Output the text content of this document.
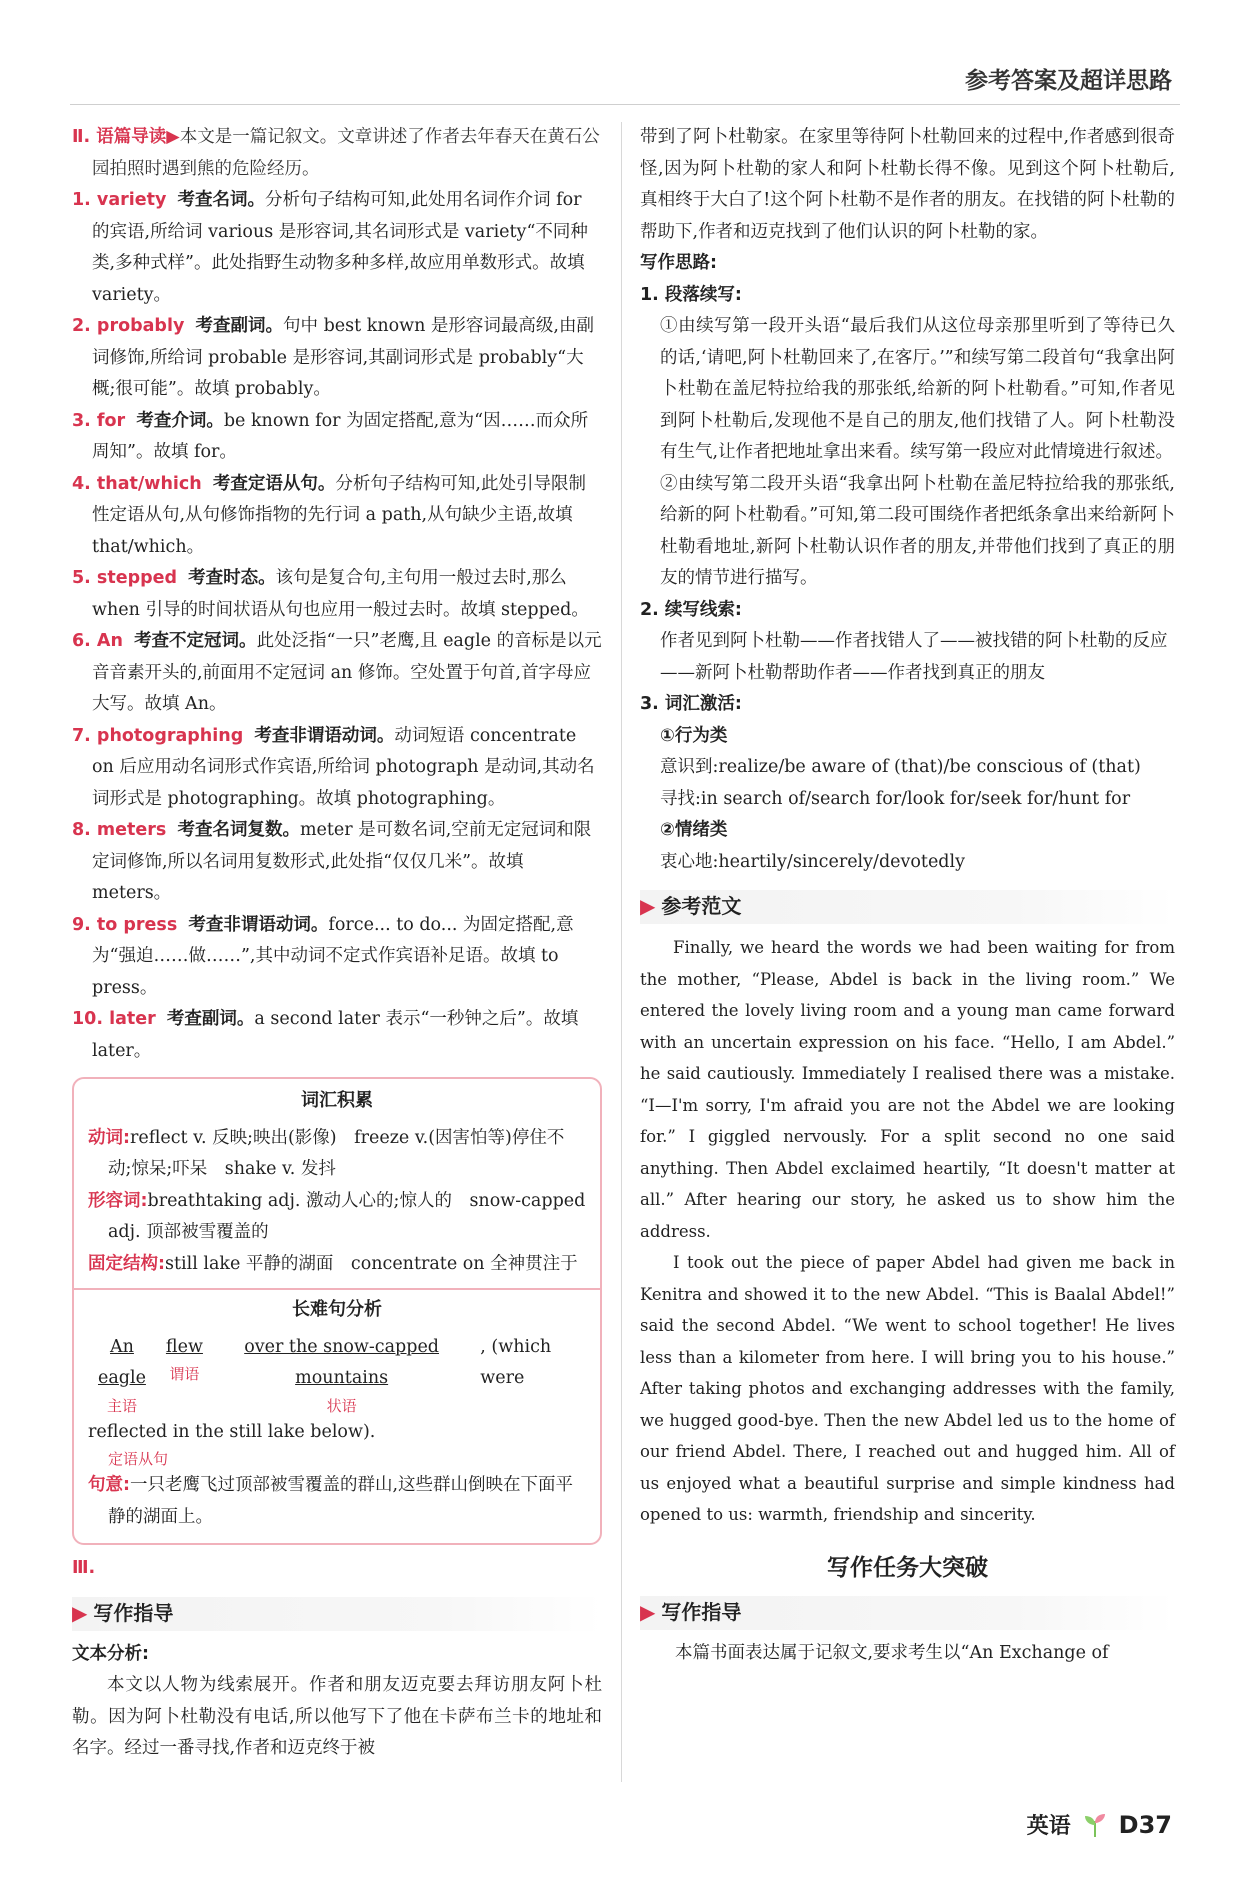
参考答案及超详思路
Ⅱ. 语篇导读▶本文是一篇记叙文。文章讲述了作者去年春天在黄石公园拍照时遇到熊的危险经历。
1. variety 考查名词。分析句子结构可知,此处用名词作介词 for 的宾语,所给词 various 是形容词,其名词形式是 variety“不同种类,多种式样”。此处指野生动物多种多样,故应用单数形式。故填 variety。
2. probably 考查副词。句中 best known 是形容词最高级,由副词修饰,所给词 probable 是形容词,其副词形式是 probably“大概;很可能”。故填 probably。
3. for 考查介词。be known for 为固定搭配,意为“因……而众所周知”。故填 for。
4. that/which 考查定语从句。分析句子结构可知,此处引导限制性定语从句,从句修饰指物的先行词 a path,从句缺少主语,故填 that/which。
5. stepped 考查时态。该句是复合句,主句用一般过去时,那么 when 引导的时间状语从句也应用一般过去时。故填 stepped。
6. An 考查不定冠词。此处泛指“一只”老鹰,且 eagle 的音标是以元音音素开头的,前面用不定冠词 an 修饰。空处置于句首,首字母应大写。故填 An。
7. photographing 考查非谓语动词。动词短语 concentrate on 后应用动名词形式作宾语,所给词 photograph 是动词,其动名词形式是 photographing。故填 photographing。
8. meters 考查名词复数。meter 是可数名词,空前无定冠词和限定词修饰,所以名词用复数形式,此处指“仅仅几米”。故填 meters。
9. to press 考查非谓语动词。force... to do... 为固定搭配,意为“强迫……做……”,其中动词不定式作宾语补足语。故填 to press。
10. later 考查副词。a second later 表示“一秒钟之后”。故填 later。
词汇积累
动词:reflect v. 反映;映出(影像)　freeze v.(因害怕等)停住不动;惊呆;吓呆　shake v. 发抖
形容词:breathtaking adj. 激动人心的;惊人的　snow-capped adj. 顶部被雪覆盖的
固定结构:still lake 平静的湖面　concentrate on 全神贯注于
长难句分析
An eagle
主语
flew
谓语
over the snow-capped mountains
状语
, (which were
reflected in the still lake below).
定语从句
句意:一只老鹰飞过顶部被雪覆盖的群山,这些群山倒映在下面平静的湖面上。
Ⅲ.
▶ 写作指导
文本分析:
本文以人物为线索展开。作者和朋友迈克要去拜访朋友阿卜杜勒。因为阿卜杜勒没有电话,所以他写下了他在卡萨布兰卡的地址和名字。经过一番寻找,作者和迈克终于被
带到了阿卜杜勒家。在家里等待阿卜杜勒回来的过程中,作者感到很奇怪,因为阿卜杜勒的家人和阿卜杜勒长得不像。见到这个阿卜杜勒后,真相终于大白了!这个阿卜杜勒不是作者的朋友。在找错的阿卜杜勒的帮助下,作者和迈克找到了他们认识的阿卜杜勒的家。
写作思路:
1. 段落续写:
①由续写第一段开头语“最后我们从这位母亲那里听到了等待已久的话,‘请吧,阿卜杜勒回来了,在客厅。’”和续写第二段首句“我拿出阿卜杜勒在盖尼特拉给我的那张纸,给新的阿卜杜勒看。”可知,作者见到阿卜杜勒后,发现他不是自己的朋友,他们找错了人。阿卜杜勒没有生气,让作者把地址拿出来看。续写第一段应对此情境进行叙述。
②由续写第二段开头语“我拿出阿卜杜勒在盖尼特拉给我的那张纸,给新的阿卜杜勒看。”可知,第二段可围绕作者把纸条拿出来给新阿卜杜勒看地址,新阿卜杜勒认识作者的朋友,并带他们找到了真正的朋友的情节进行描写。
2. 续写线索:
作者见到阿卜杜勒——作者找错人了——被找错的阿卜杜勒的反应——新阿卜杜勒帮助作者——作者找到真正的朋友
3. 词汇激活:
①行为类
意识到:realize/be aware of (that)/be conscious of (that)
寻找:in search of/search for/look for/seek for/hunt for
②情绪类
衷心地:heartily/sincerely/devotedly
▶ 参考范文
Finally, we heard the words we had been waiting for from the mother, “Please, Abdel is back in the living room.” We entered the lovely living room and a young man came forward with an uncertain expression on his face. “Hello, I am Abdel.” he said cautiously. Immediately I realised there was a mistake. “I—I'm sorry, I'm afraid you are not the Abdel we are looking for.” I giggled nervously. For a split second no one said anything. Then Abdel exclaimed heartily, “It doesn't matter at all.” After hearing our story, he asked us to show him the address.
I took out the piece of paper Abdel had given me back in Kenitra and showed it to the new Abdel. “This is Baalal Abdel!” said the second Abdel. “We went to school together! He lives less than a kilometer from here. I will bring you to his house.” After taking photos and exchanging addresses with the family, we hugged good-bye. Then the new Abdel led us to the home of our friend Abdel. There, I reached out and hugged him. All of us enjoyed what a beautiful surprise and simple kindness had opened to us: warmth, friendship and sincerity.
写作任务大突破
▶ 写作指导
本篇书面表达属于记叙文,要求考生以“An Exchange of
英语 D37
